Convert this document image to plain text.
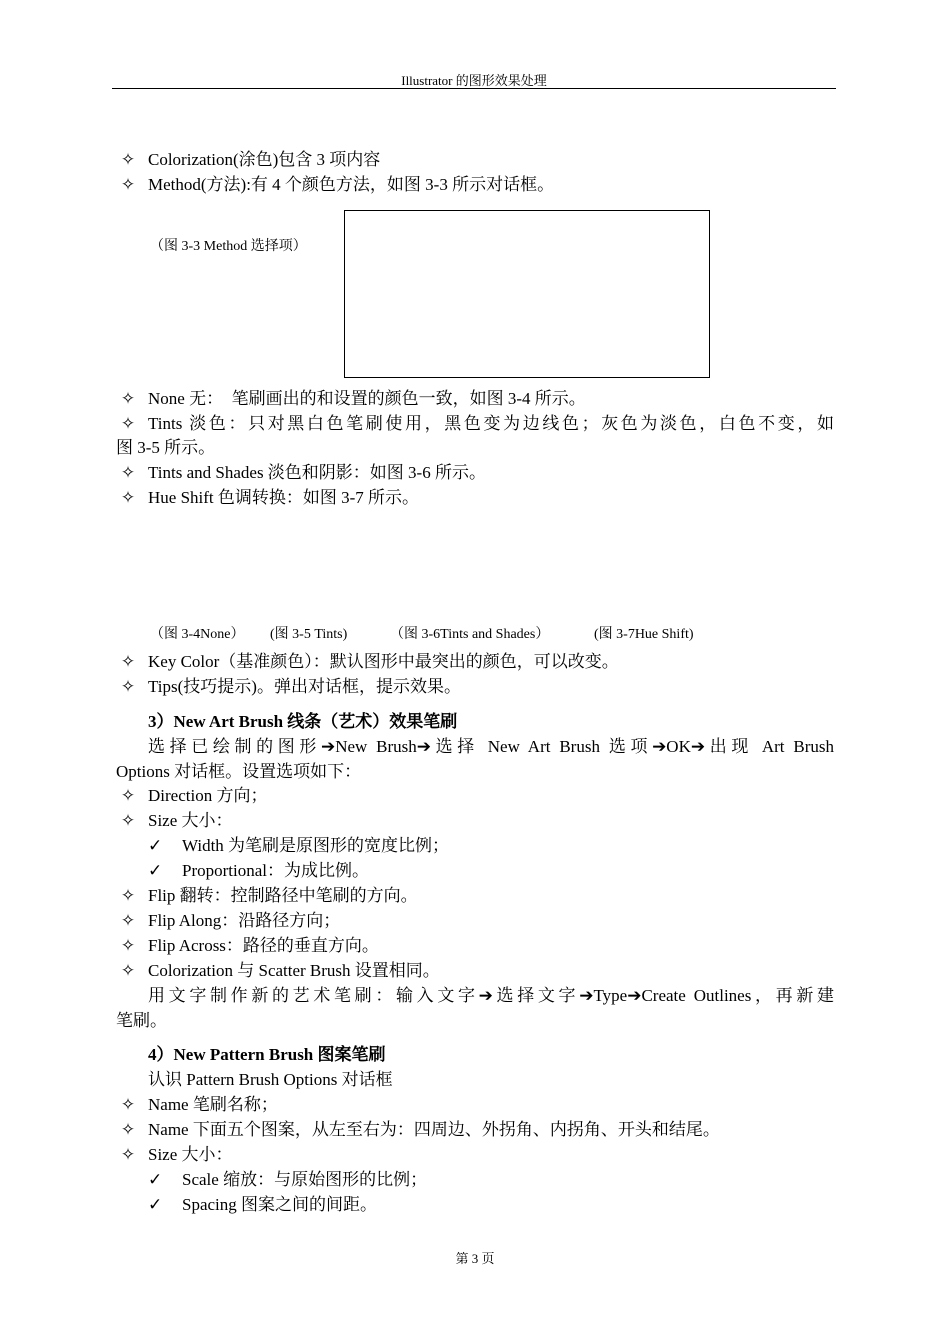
Illustrator 的图形效果处理
✧ Colorization(涂色)包含 3 项内容
✧ Method(方法):有 4 个颜色方法，如图 3-3 所示对话框。
（图 3-3 Method 选择项）
✧ None 无：　笔刷画出的和设置的颜色一致，如图 3-4 所示。
✧ Tints 淡色：只对黑白色笔刷使用，黑色变为边线色；灰色为淡色，白色不变，如
图 3-5 所示。
✧ Tints and Shades 淡色和阴影：如图 3-6 所示。
✧ Hue Shift 色调转换：如图 3-7 所示。
（图 3-4None） (图 3-5 Tints)	（图 3-6Tints and Shades）	(图 3-7Hue Shift)
✧ Key Color（基准颜色）：默认图形中最突出的颜色，可以改变。
✧ Tips(技巧提示)。弹出对话框，提示效果。
3）New Art Brush 线条（艺术）效果笔刷
选择已绘制的图形➔New Brush➔选择 New Art Brush 选项➔OK➔出现 Art Brush
Options 对话框。设置选项如下：
✧ Direction 方向；
✧ Size 大小：
✓ Width 为笔刷是原图形的宽度比例；
✓ Proportional：为成比例。
✧ Flip 翻转：控制路径中笔刷的方向。
✧ Flip Along：沿路径方向；
✧ Flip Across：路径的垂直方向。
✧ Colorization 与 Scatter Brush 设置相同。
用文字制作新的艺术笔刷：输入文字➔选择文字➔Type➔Create Outlines，再新建
笔刷。
4）New Pattern Brush 图案笔刷
认识 Pattern Brush Options 对话框
✧ Name 笔刷名称；
✧ Name 下面五个图案，从左至右为：四周边、外拐角、内拐角、开头和结尾。
✧ Size 大小：
✓ Scale 缩放：与原始图形的比例；
✓ Spacing 图案之间的间距。
第 3 页
